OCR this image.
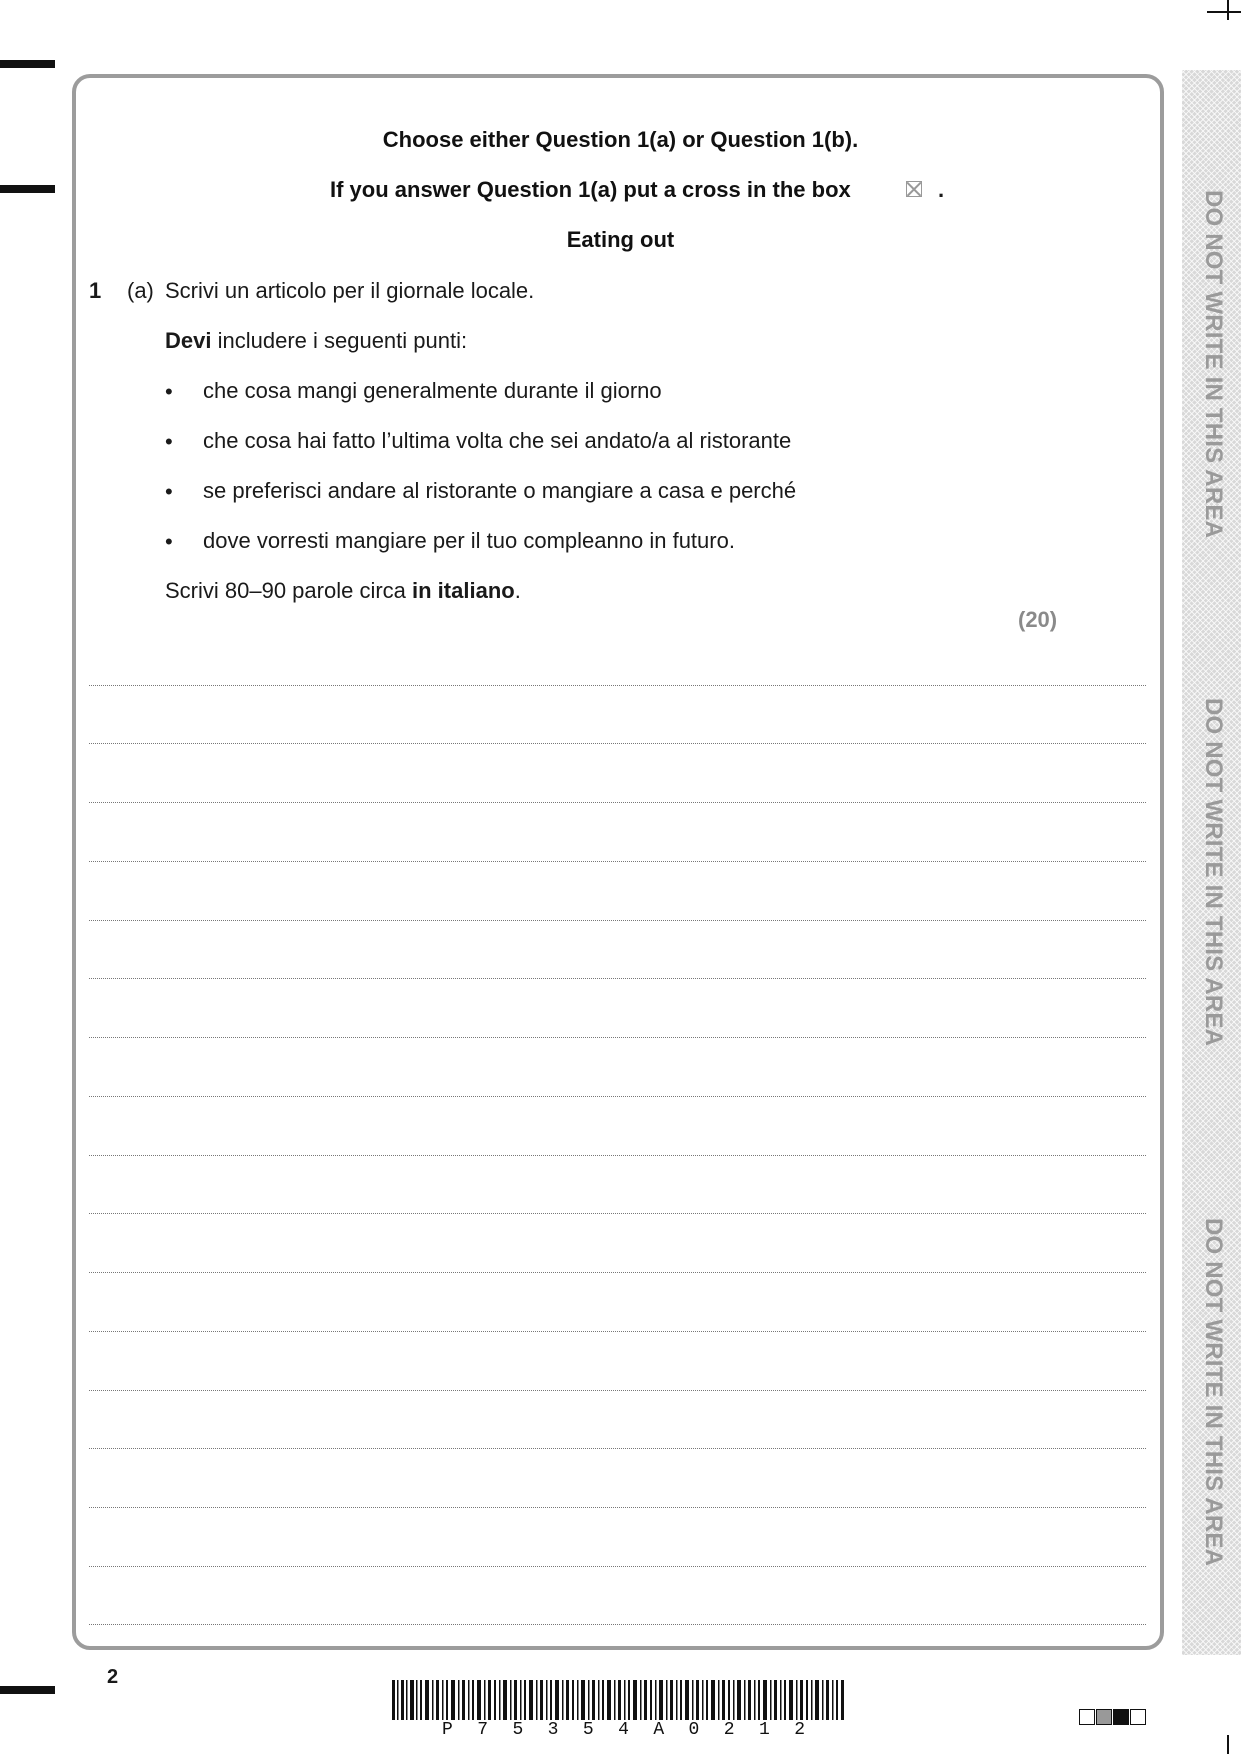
DO NOT WRITE IN THIS AREA
DO NOT WRITE IN THIS AREA
DO NOT WRITE IN THIS AREA
Choose either Question 1(a) or Question 1(b).
If you answer Question 1(a) put a cross in the box	.
Eating out
1 (a) Scrivi un articolo per il giornale locale.
Devi includere i seguenti punti:
• che cosa mangi generalmente durante il giorno
• che cosa hai fatto l’ultima volta che sei andato/a al ristorante
• se preferisci andare al ristorante o mangiare a casa e perché
• dove vorresti mangiare per il tuo compleanno in futuro.
Scrivi 80–90 parole circa in italiano.
(20)
2
P 7 5 3 5 4 A 0 2 1 2
